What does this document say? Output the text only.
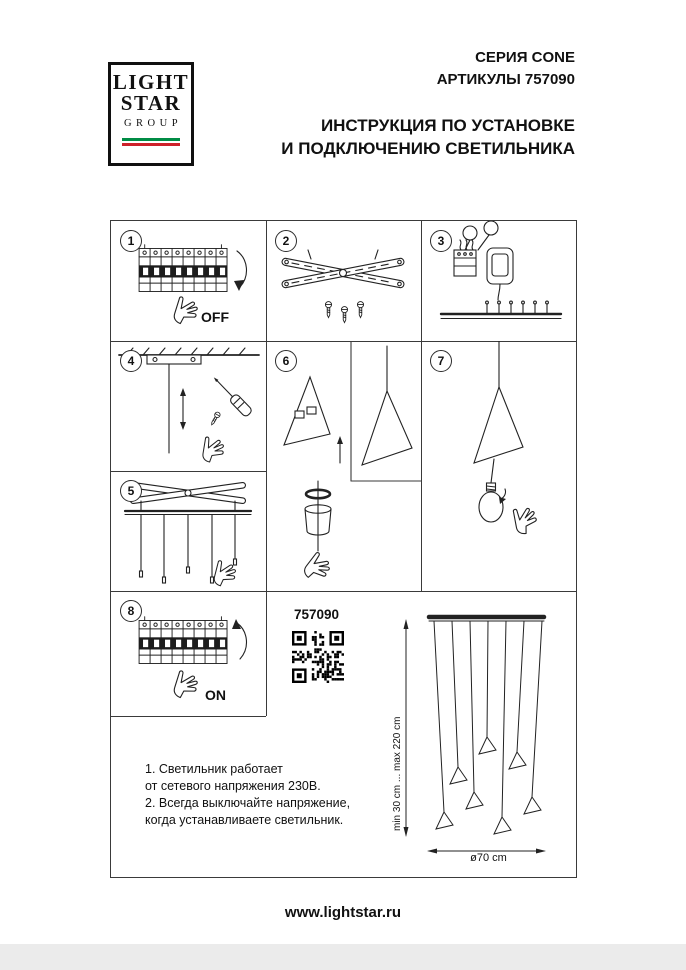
LIGHT
STAR
GROUP
СЕРИЯ CONE
АРТИКУЛЫ 757090
ИНСТРУКЦИЯ ПО УСТАНОВКЕ
И ПОДКЛЮЧЕНИЮ СВЕТИЛЬНИКА
1
OFF
2	3
4	6	7
5
8
ON
757090
min 30 cm ... max 220 cm
ø70 cm
1. Светильник работает
от сетевого напряжения 230В.
2. Всегда выключайте напряжение,
когда устанавливаете светильник.
www.lightstar.ru
